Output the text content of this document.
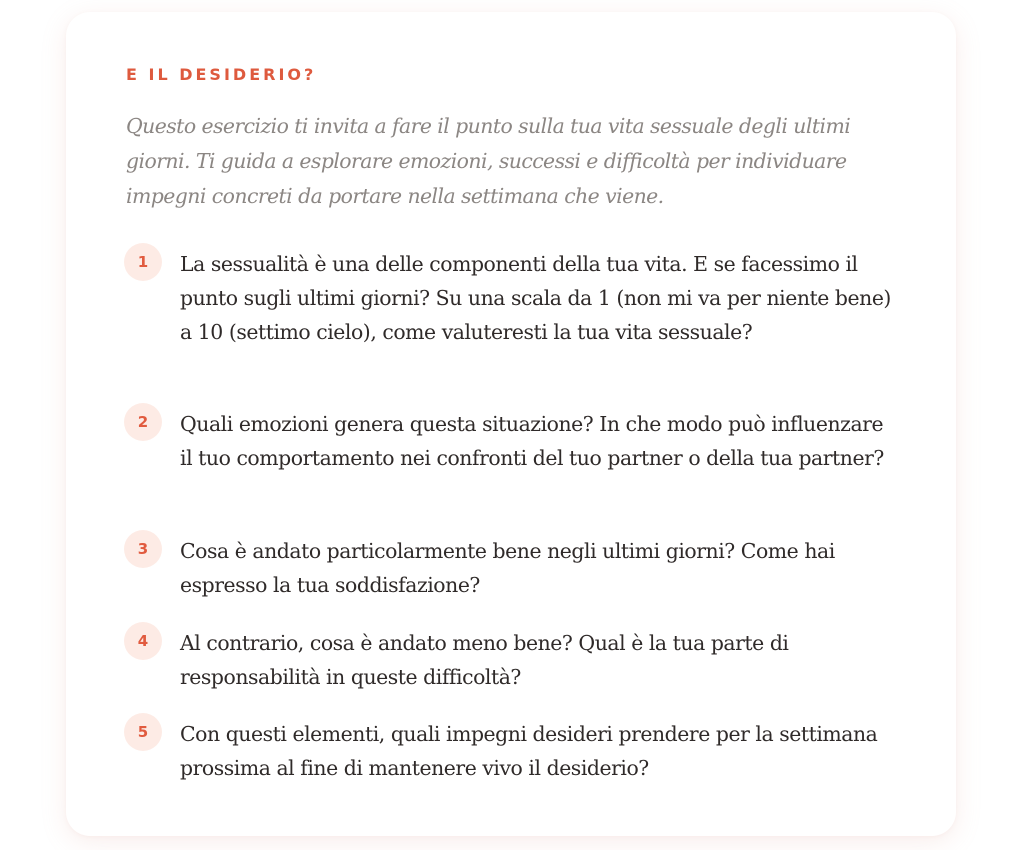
E IL DESIDERIO?

Questo esercizio ti invita a fare il punto sulla tua vita sessuale degli ultimi giorni. Ti guida a esplorare emozioni, successi e difficoltà per individuare impegni concreti da portare nella settimana che viene.

1	La sessualità è una delle componenti della tua vita. E se facessimo il punto sugli ultimi giorni? Su una scala da 1 (non mi va per niente bene) a 10 (settimo cielo), come valuteresti la tua vita sessuale?

2	Quali emozioni genera questa situazione? In che modo può influenzare il tuo comportamento nei confronti del tuo partner o della tua partner?

3	Cosa è andato particolarmente bene negli ultimi giorni? Come hai espresso la tua soddisfazione?

4	Al contrario, cosa è andato meno bene? Qual è la tua parte di responsabilità in queste difficoltà?

5	Con questi elementi, quali impegni desideri prendere per la settimana prossima al fine di mantenere vivo il desiderio?
